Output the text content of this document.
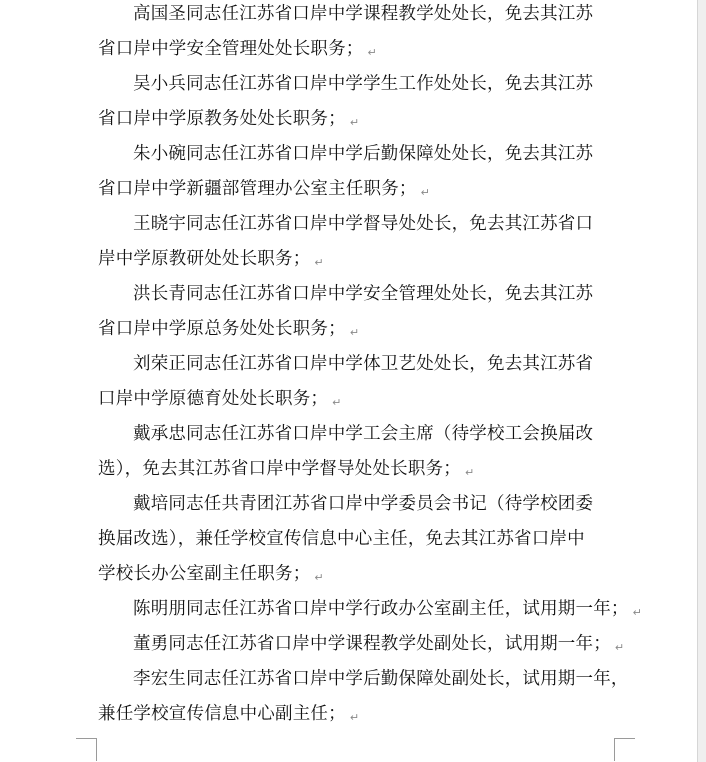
高国圣同志任江苏省口岸中学课程教学处处长，免去其江苏
省口岸中学安全管理处处长职务； ↵
吴小兵同志任江苏省口岸中学学生工作处处长，免去其江苏
省口岸中学原教务处处长职务； ↵
朱小碗同志任江苏省口岸中学后勤保障处处长，免去其江苏
省口岸中学新疆部管理办公室主任职务； ↵
王晓宇同志任江苏省口岸中学督导处处长，免去其江苏省口
岸中学原教研处处长职务； ↵
洪长青同志任江苏省口岸中学安全管理处处长，免去其江苏
省口岸中学原总务处处长职务； ↵
刘荣正同志任江苏省口岸中学体卫艺处处长，免去其江苏省
口岸中学原德育处处长职务； ↵
戴承忠同志任江苏省口岸中学工会主席（待学校工会换届改
选），免去其江苏省口岸中学督导处处长职务； ↵
戴培同志任共青团江苏省口岸中学委员会书记（待学校团委
换届改选），兼任学校宣传信息中心主任，免去其江苏省口岸中
学校长办公室副主任职务； ↵
陈明朋同志任江苏省口岸中学行政办公室副主任，试用期一年； ↵
董勇同志任江苏省口岸中学课程教学处副处长，试用期一年； ↵
李宏生同志任江苏省口岸中学后勤保障处副处长，试用期一年，
兼任学校宣传信息中心副主任； ↵
